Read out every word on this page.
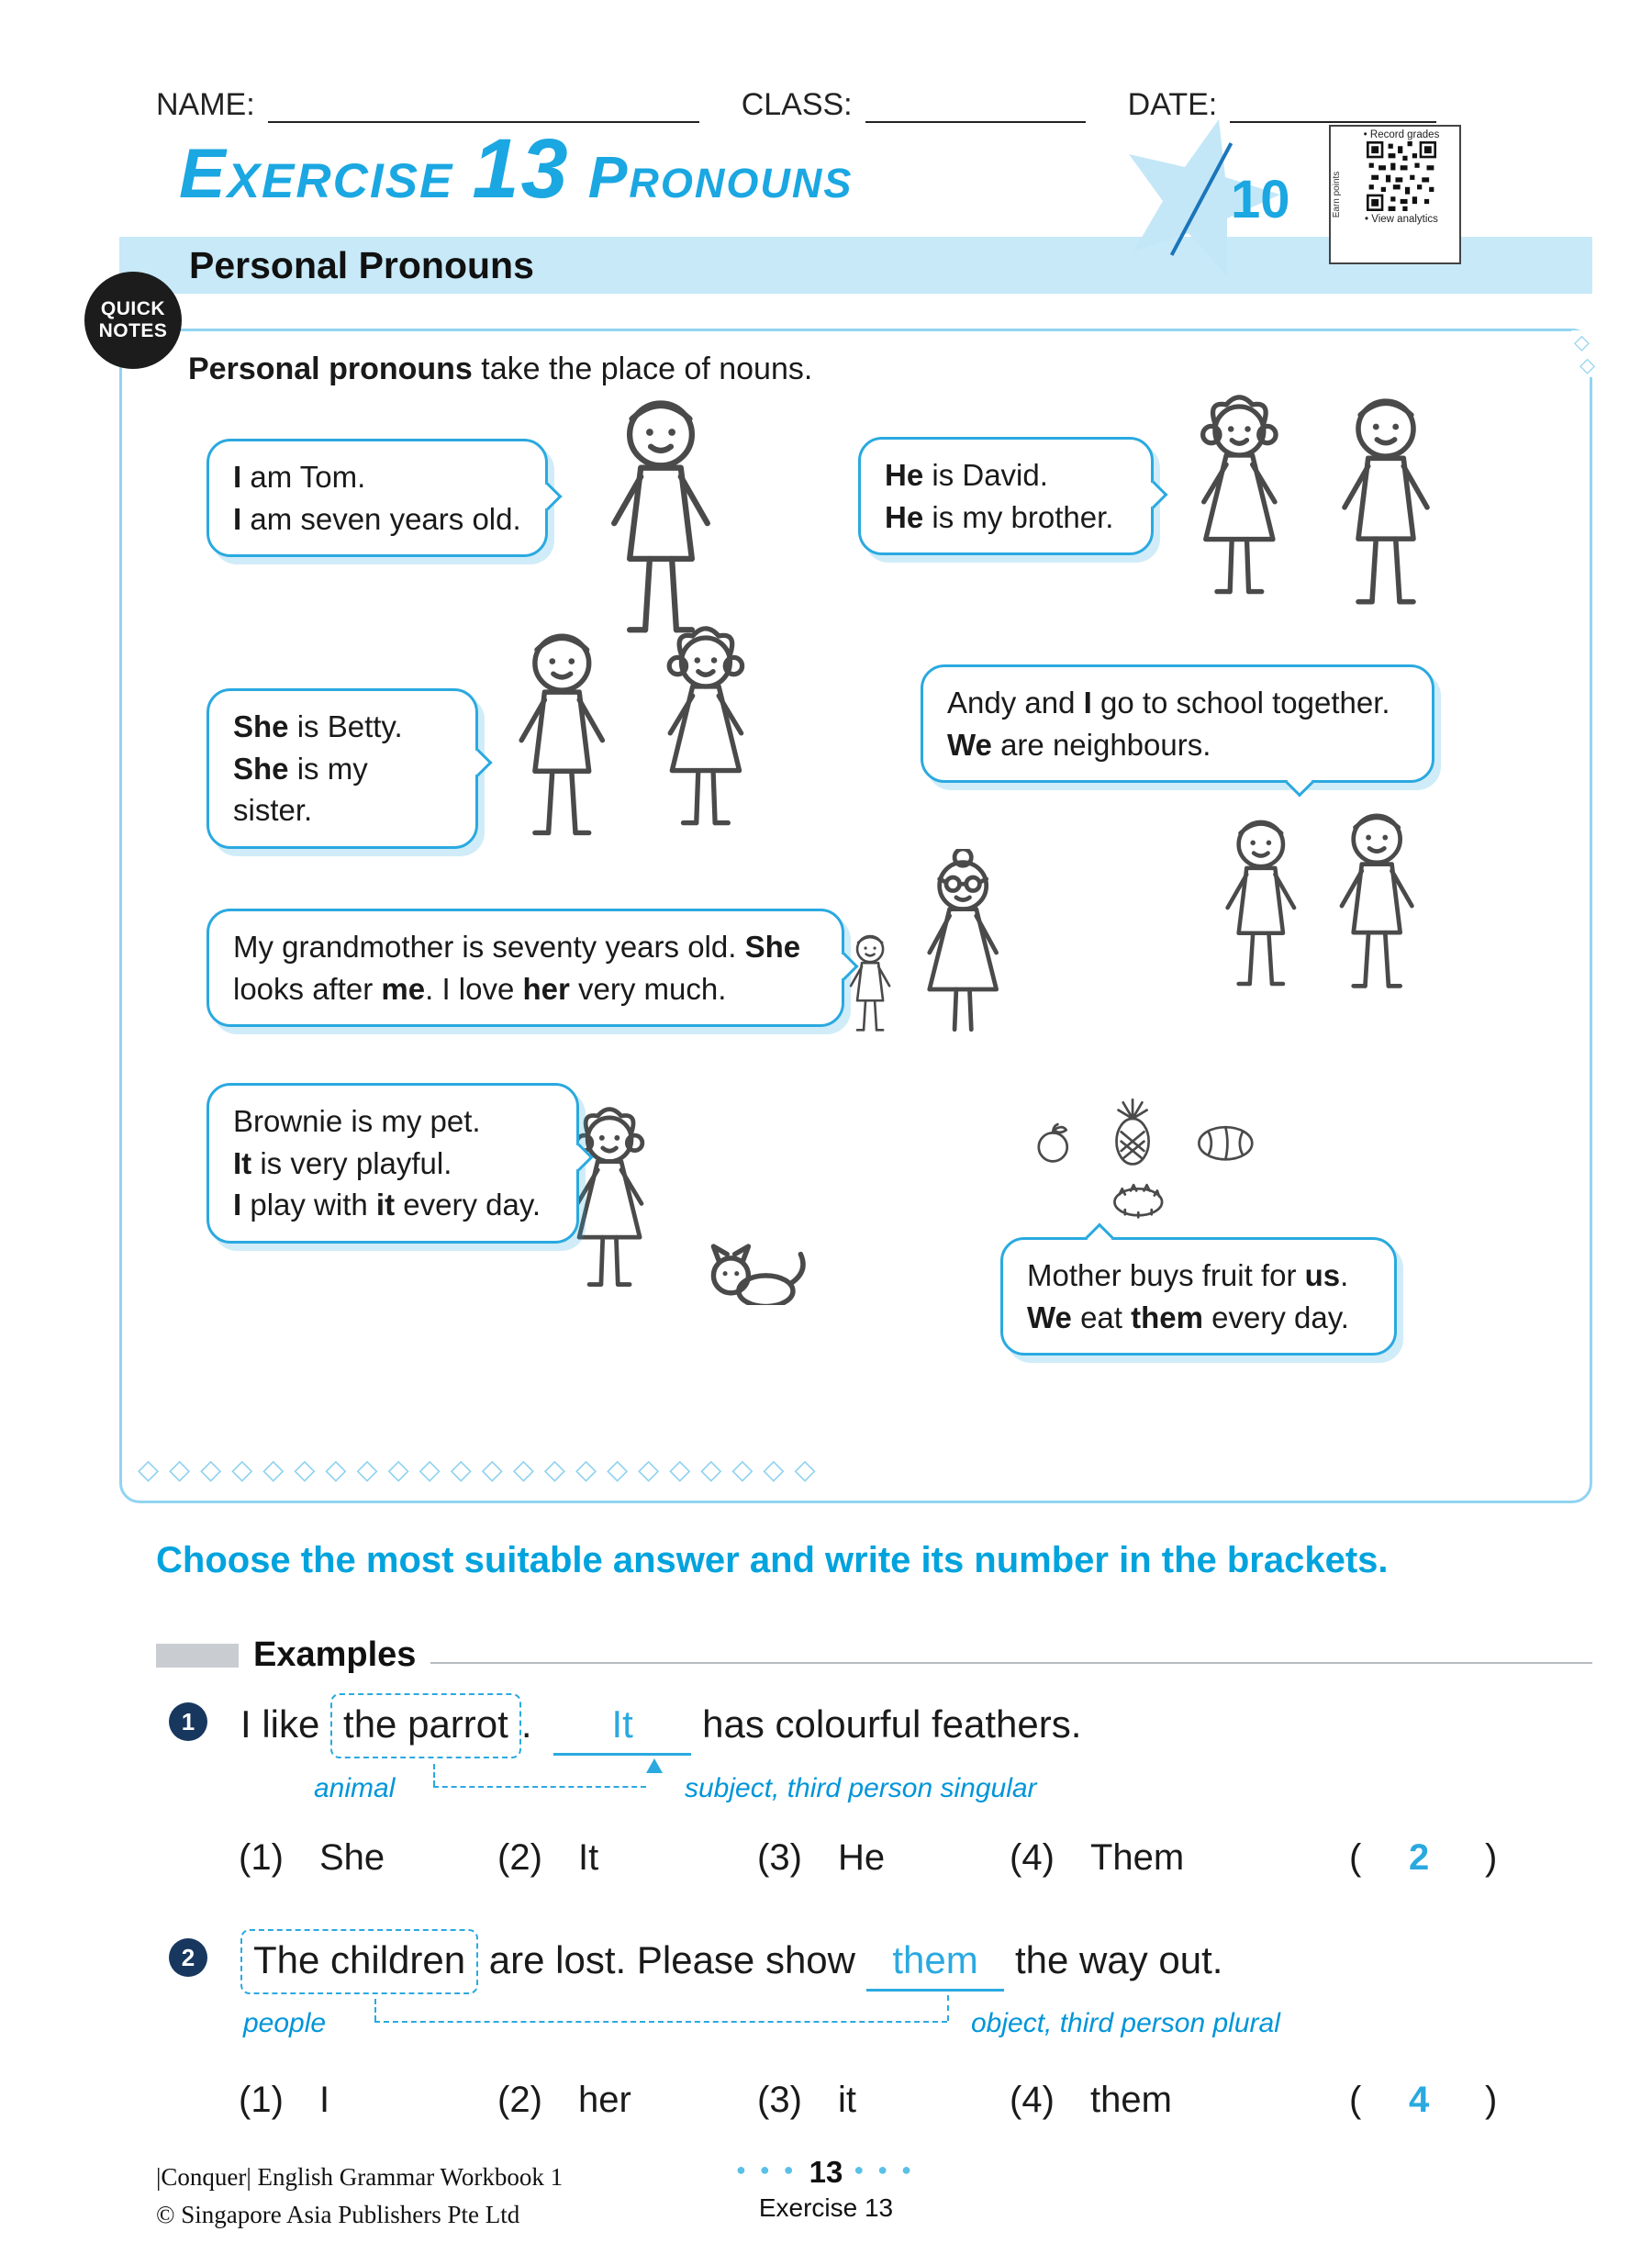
NAME:	CLASS:	DATE:
10
• Record grades
Earn points
• View analytics
Exercise 13 Pronouns
Personal Pronouns
QUICK
NOTES	◇
◇
Personal pronouns take the place of nouns.
I am Tom.
I am seven years old.
He is David.
He is my brother.
She is Betty.
She is my sister.
Andy and I go to school together.
We are neighbours.
My grandmother is seventy years old. She looks after me. I love her very much.
Brownie is my pet.
It is very playful.
I play with it every day.
Mother buys fruit for us.
We eat them every day.
◇◇◇◇◇◇◇◇◇◇◇◇◇◇◇◇◇◇◇◇◇◇
Choose the most suitable answer and write its number in the brackets.
Examples
1	I like the parrot . It has colourful feathers.
animal	subject, third person singular
(1) She	(2) It	(3) He	(4) Them	( 2 )
2	The children are lost. Please show them the way out.
people	object, third person plural
(1) I	(2) her	(3) it	(4) them	( 4 )
|Conquer| English Grammar Workbook 1
© Singapore Asia Publishers Pte Ltd
● ● ● 13 ● ● ●
Exercise 13
